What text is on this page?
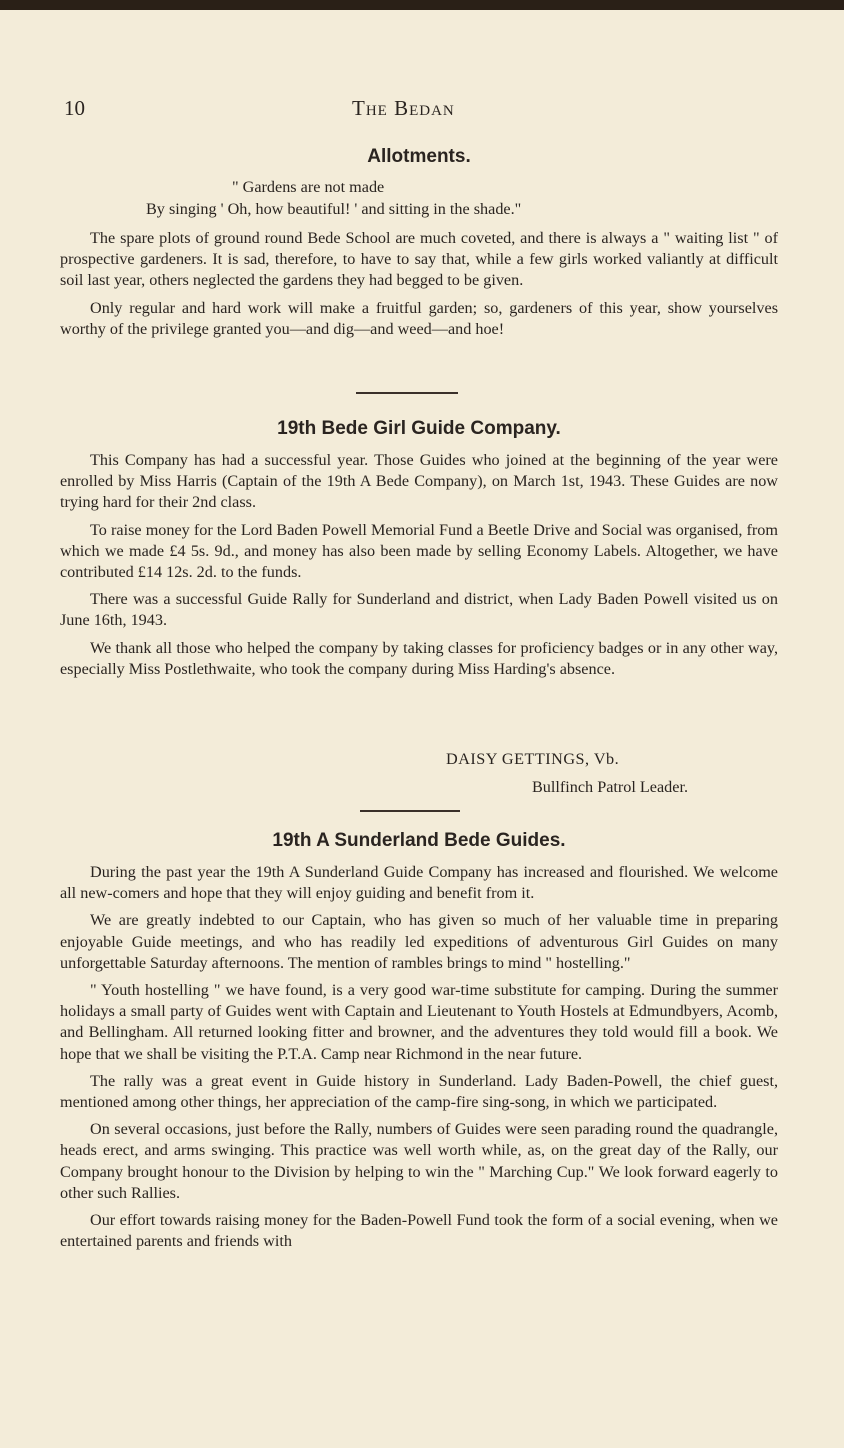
10	The Bedan
Allotments.
" Gardens are not made
By singing ' Oh, how beautiful! ' and sitting in the shade."

The spare plots of ground round Bede School are much coveted, and there is always a " waiting list " of prospective gardeners. It is sad, therefore, to have to say that, while a few girls worked valiantly at difficult soil last year, others neglected the gardens they had begged to be given.

Only regular and hard work will make a fruitful garden; so, gardeners of this year, show yourselves worthy of the privilege granted you—and dig—and weed—and hoe!

19th Bede Girl Guide Company.

This Company has had a successful year. Those Guides who joined at the beginning of the year were enrolled by Miss Harris (Captain of the 19th A Bede Company), on March 1st, 1943. These Guides are now trying hard for their 2nd class.

To raise money for the Lord Baden Powell Memorial Fund a Beetle Drive and Social was organised, from which we made £4 5s. 9d., and money has also been made by selling Economy Labels. Altogether, we have contributed £14 12s. 2d. to the funds.

There was a successful Guide Rally for Sunderland and district, when Lady Baden Powell visited us on June 16th, 1943.

We thank all those who helped the company by taking classes for proficiency badges or in any other way, especially Miss Postlethwaite, who took the company during Miss Harding's absence.

DAISY GETTINGS, Vb.
Bullfinch Patrol Leader.
19th A Sunderland Bede Guides.

During the past year the 19th A Sunderland Guide Company has increased and flourished. We welcome all new-comers and hope that they will enjoy guiding and benefit from it.

We are greatly indebted to our Captain, who has given so much of her valuable time in preparing enjoyable Guide meetings, and who has readily led expeditions of adventurous Girl Guides on many unforgettable Saturday afternoons. The mention of rambles brings to mind " hostelling."

" Youth hostelling " we have found, is a very good war-time substitute for camping. During the summer holidays a small party of Guides went with Captain and Lieutenant to Youth Hostels at Edmundbyers, Acomb, and Bellingham. All returned looking fitter and browner, and the adventures they told would fill a book. We hope that we shall be visiting the P.T.A. Camp near Richmond in the near future.

The rally was a great event in Guide history in Sunderland. Lady Baden-Powell, the chief guest, mentioned among other things, her appreciation of the camp-fire sing-song, in which we participated.

On several occasions, just before the Rally, numbers of Guides were seen parading round the quadrangle, heads erect, and arms swinging. This practice was well worth while, as, on the great day of the Rally, our Company brought honour to the Division by helping to win the " Marching Cup." We look forward eagerly to other such Rallies.

Our effort towards raising money for the Baden-Powell Fund took the form of a social evening, when we entertained parents and friends with
